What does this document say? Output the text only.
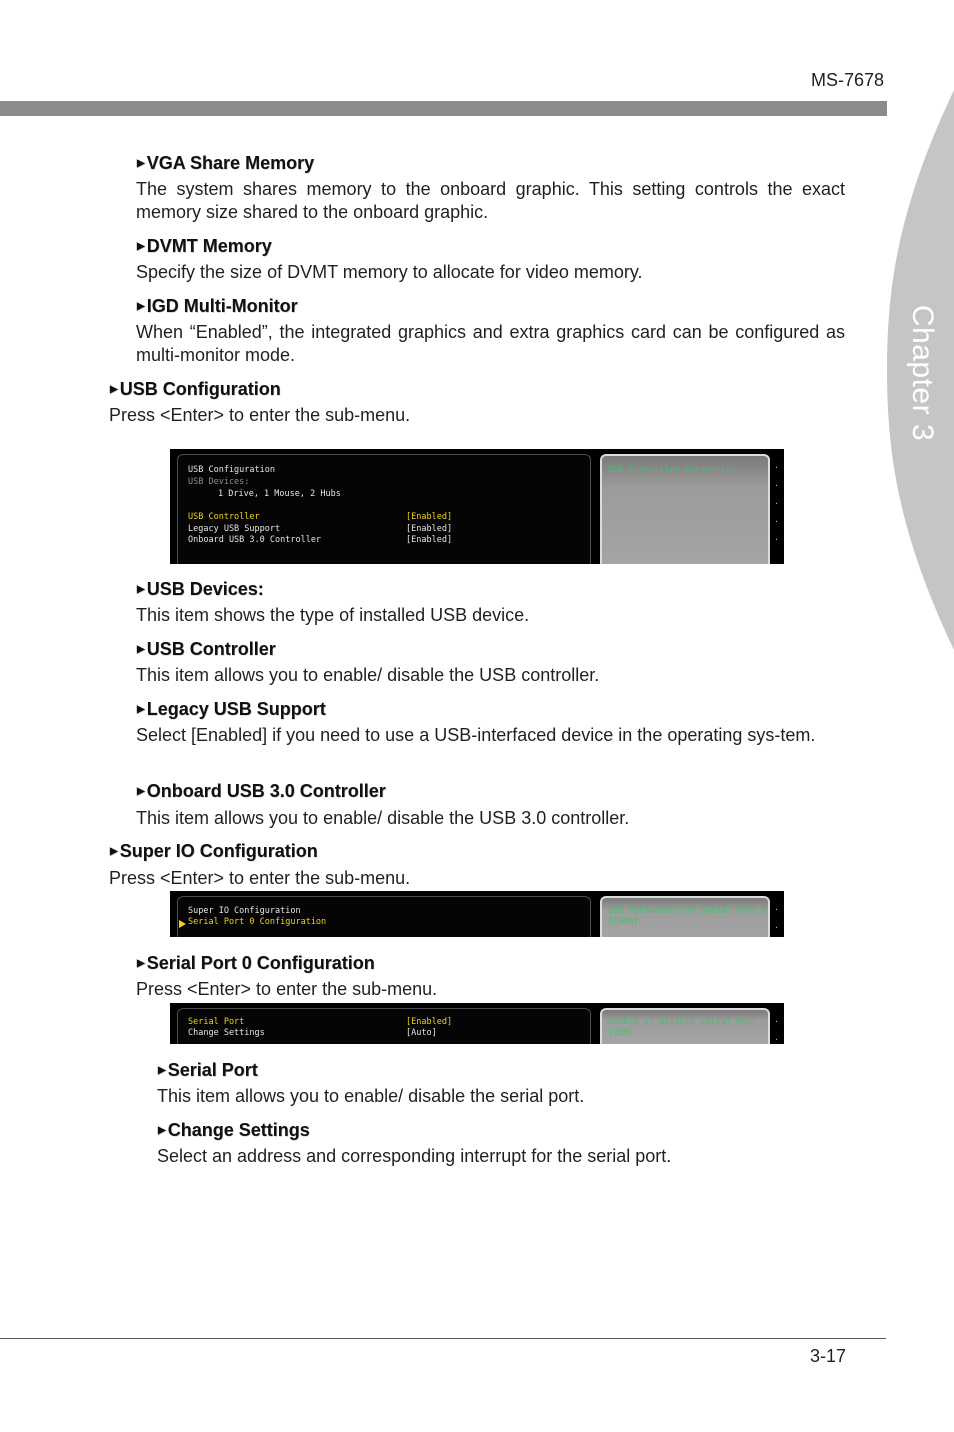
MS-7678
Chapter 3
▶ VGA Share Memory
The system shares memory to the onboard graphic. This setting controls the exact memory size shared to the onboard graphic.
▶ DVMT Memory
Specify the size of DVMT memory to allocate for video memory.
▶ IGD Multi-Monitor
When “Enabled”, the integrated graphics and extra graphics card can be configured as multi-monitor mode.
▶ USB Configuration
Press <Enter> to enter the sub-menu.
·
·
·
·
·
USB Configuration
USB Devices:
1 Drive, 1 Mouse, 2 Hubs
USB Controller	[Enabled]
Legacy USB Support	[Enabled]
Onboard USB 3.0 Controller	[Enabled]
USB Controller Parameters
▶ USB Devices:
This item shows the type of installed USB device.
▶ USB Controller
This item allows you to enable/ disable the USB controller.
▶ Legacy USB Support
Select [Enabled] if you need to use a USB-interfaced device in the operating sys-tem.
▶ Onboard USB 3.0 Controller
This item allows you to enable/ disable the USB 3.0 controller.
▶ Super IO Configuration
Press <Enter> to enter the sub-menu.
·
·
Super IO Configuration
Serial Port 0 Configuration
Set Parameters of Serial Port 0
(COMA)
▶ Serial Port 0 Configuration
Press <Enter> to enter the sub-menu.
·
·
Serial Port	[Enabled]
Change Settings	[Auto]
Enable or Disable Serial Port
(COM)
▶ Serial Port
This item allows you to enable/ disable the serial port.
▶ Change Settings
Select an address and corresponding interrupt for the serial port.
3-17
